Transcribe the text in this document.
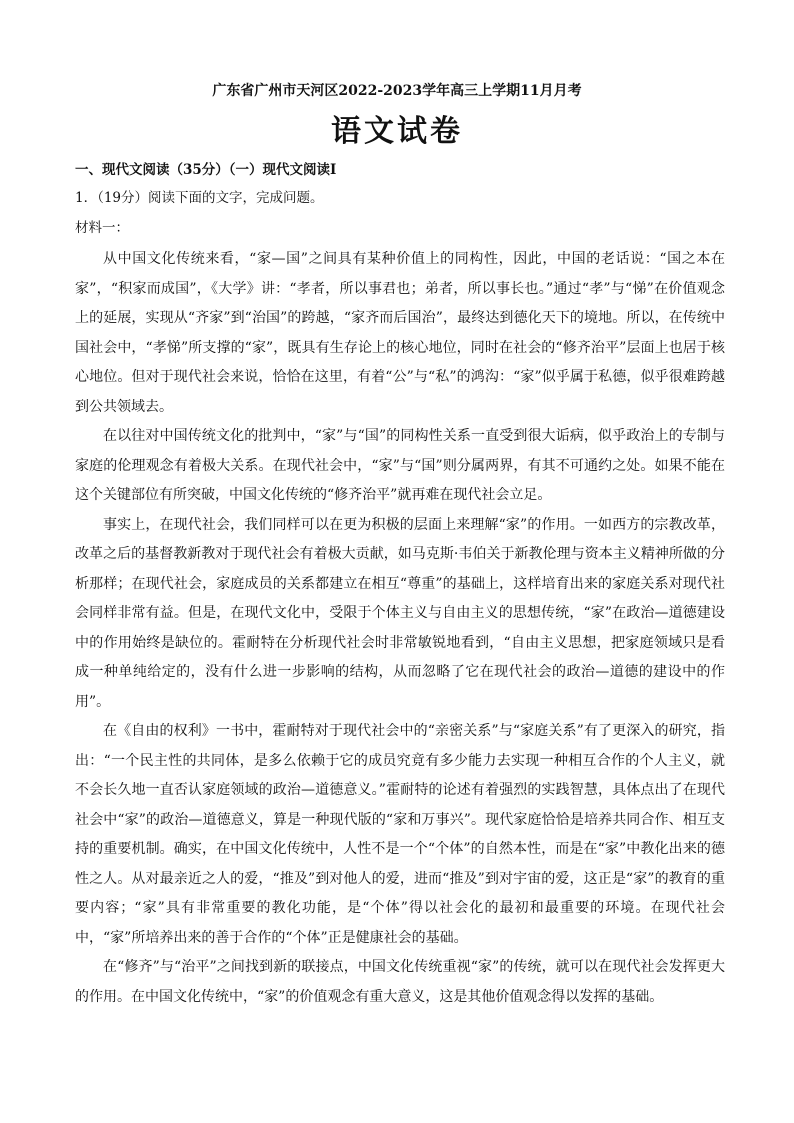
广东省广州市天河区2022-2023学年高三上学期11月月考
语文试卷
一、现代文阅读（35分）（一）现代文阅读Ⅰ
1．（19分）阅读下面的文字，完成问题。
材料一：

从中国文化传统来看，“家—国”之间具有某种价值上的同构性，因此，中国的老话说：“国之本在家”，“积家而成国”，《大学》讲：“孝者，所以事君也；弟者，所以事长也。”通过“孝”与“悌”在价值观念上的延展，实现从“齐家”到“治国”的跨越，“家齐而后国治”，最终达到德化天下的境地。所以，在传统中国社会中，“孝悌”所支撑的“家”，既具有生存论上的核心地位，同时在社会的“修齐治平”层面上也居于核心地位。但对于现代社会来说，恰恰在这里，有着“公”与“私”的鸿沟：“家”似乎属于私德，似乎很难跨越到公共领域去。

在以往对中国传统文化的批判中，“家”与“国”的同构性关系一直受到很大诟病，似乎政治上的专制与家庭的伦理观念有着极大关系。在现代社会中，“家”与“国”则分属两界，有其不可通约之处。如果不能在这个关键部位有所突破，中国文化传统的“修齐治平”就再难在现代社会立足。

事实上，在现代社会，我们同样可以在更为积极的层面上来理解“家”的作用。一如西方的宗教改革，改革之后的基督教新教对于现代社会有着极大贡献，如马克斯·韦伯关于新教伦理与资本主义精神所做的分析那样；在现代社会，家庭成员的关系都建立在相互“尊重”的基础上，这样培育出来的家庭关系对现代社会同样非常有益。但是，在现代文化中，受限于个体主义与自由主义的思想传统，“家”在政治—道德建设中的作用始终是缺位的。霍耐特在分析现代社会时非常敏锐地看到，“自由主义思想，把家庭领域只是看成一种单纯给定的，没有什么进一步影响的结构，从而忽略了它在现代社会的政治—道德的建设中的作用”。

在《自由的权利》一书中，霍耐特对于现代社会中的“亲密关系”与“家庭关系”有了更深入的研究，指出：“一个民主性的共同体，是多么依赖于它的成员究竟有多少能力去实现一种相互合作的个人主义，就不会长久地一直否认家庭领域的政治—道德意义。”霍耐特的论述有着强烈的实践智慧，具体点出了在现代社会中“家”的政治—道德意义，算是一种现代版的“家和万事兴”。现代家庭恰恰是培养共同合作、相互支持的重要机制。确实，在中国文化传统中，人性不是一个“个体”的自然本性，而是在“家”中教化出来的德性之人。从对最亲近之人的爱，“推及”到对他人的爱，进而“推及”到对宇宙的爱，这正是“家”的教育的重要内容；“家”具有非常重要的教化功能，是“个体”得以社会化的最初和最重要的环境。在现代社会中，“家”所培养出来的善于合作的“个体”正是健康社会的基础。

在“修齐”与“治平”之间找到新的联接点，中国文化传统重视“家”的传统，就可以在现代社会发挥更大的作用。在中国文化传统中，“家”的价值观念有重大意义，这是其他价值观念得以发挥的基础。
